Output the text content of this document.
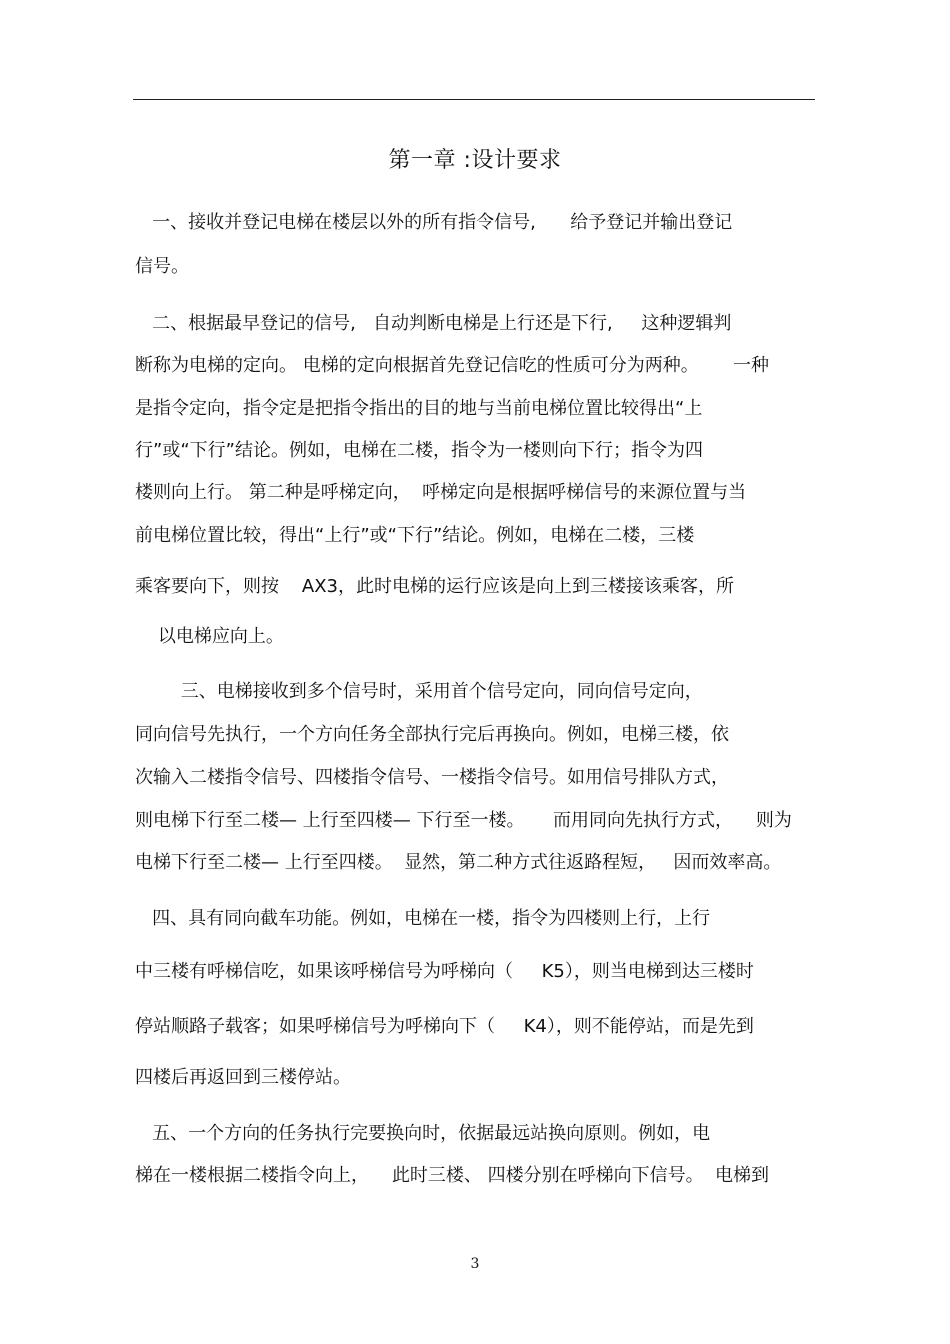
第一章 :设计要求
一、接收并登记电梯在楼层以外的所有指令信号,      给予登记并输出登记
信号。
二、根据最早登记的信号,   自动判断电梯是上行还是下行,     这种逻辑判
断称为电梯的定向。 电梯的定向根据首先登记信吃的性质可分为两种。      一种
是指令定向，指令定是把指令指出的目的地与当前电梯位置比较得出“上
行”或“下行”结论。例如，电梯在二楼，指令为一楼则向下行；指令为四
楼则向上行。 第二种是呼梯定向，  呼梯定向是根据呼梯信号的来源位置与当
前电梯位置比较，得出“上行”或“下行”结论。例如，电梯在二楼，三楼
乘客要向下，则按    AX3，此时电梯的运行应该是向上到三楼接该乘客，所
以电梯应向上。
三、电梯接收到多个信号时，采用首个信号定向，同向信号定向，
同向信号先执行，一个方向任务全部执行完后再换向。例如，电梯三楼，依
次输入二楼指令信号、四楼指令信号、一楼指令信号。如用信号排队方式，
则电梯下行至二楼— 上行至四楼— 下行至一楼。     而用同向先执行方式，    则为
电梯下行至二楼— 上行至四楼。  显然，第二种方式往返路程短，   因而效率高。
四、具有同向截车功能。例如，电梯在一楼，指令为四楼则上行，上行
中三楼有呼梯信吃，如果该呼梯信号为呼梯向（     K5），则当电梯到达三楼时
停站顺路子载客；如果呼梯信号为呼梯向下（     K4），则不能停站，而是先到
四楼后再返回到三楼停站。
五、一个方向的任务执行完要换向时，依据最远站换向原则。例如，电
梯在一楼根据二楼指令向上，    此时三楼、 四楼分别在呼梯向下信号。  电梯到
3
